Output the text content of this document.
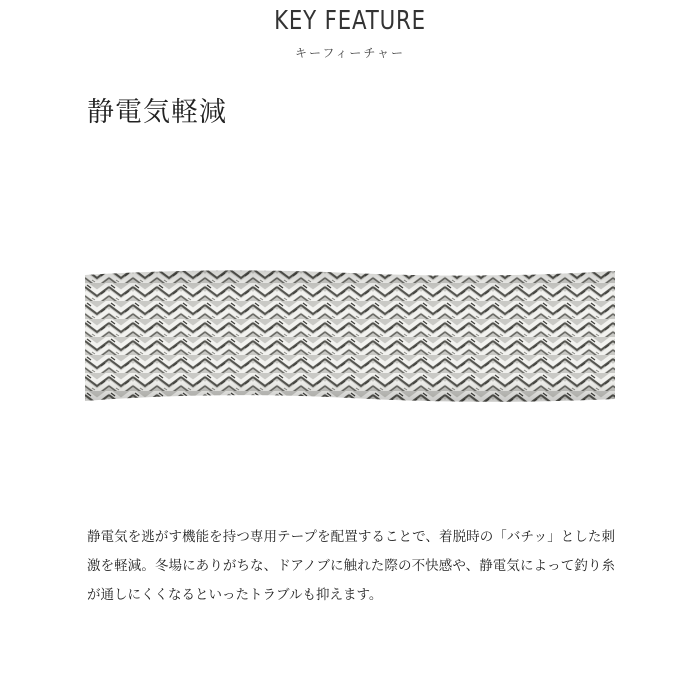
KEY FEATURE
キーフィーチャー
静電気軽減

静電気を逃がす機能を持つ専用テープを配置することで、着脱時の「バチッ」とした刺激を軽減。冬場にありがちな、ドアノブに触れた際の不快感や、静電気によって釣り糸が通しにくくなるといったトラブルも抑えます。
